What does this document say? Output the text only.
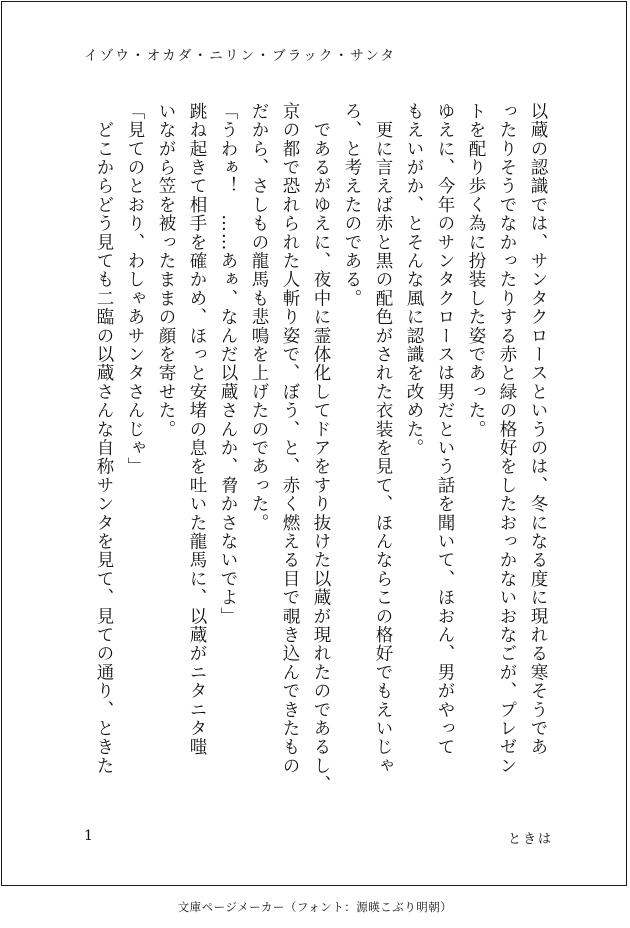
イゾウ・オカダ・ニリン・ブラック・サンタ
以蔵の認識では、サンタクロースというのは、冬になる度に現れる寒そうであ
ったりそうでなかったりする赤と緑の格好をしたおっかないおなごが、プレゼン
トを配り歩く為に扮装した姿であった。
ゆえに、今年のサンタクロースは男だという話を聞いて、ほおん、男がやって
もえいがか、とそんな風に認識を改めた。
　更に言えば赤と黒の配色がされた衣装を見て、ほんならこの格好でもえいじゃ
ろ、と考えたのである。
　であるがゆえに、夜中に霊体化してドアをすり抜けた以蔵が現れたのであるし、
京の都で恐れられた人斬り姿で、ぼう、と、赤く燃える目で覗き込んできたもの
だから、さしもの龍馬も悲鳴を上げたのであった。
「うわぁ！　……あぁ、なんだ以蔵さんか、脅かさないでよ」
跳ね起きて相手を確かめ、ほっと安堵の息を吐いた龍馬に、以蔵がニタニタ嗤
いながら笠を被ったままの顔を寄せた。
「見てのとおり、わしゃあサンタさんじゃ」
　どこからどう見ても二臨の以蔵さんな自称サンタを見て、見ての通り、ときた
1	ときは
文庫ページメーカー（フォント：源暎こぶり明朝）
